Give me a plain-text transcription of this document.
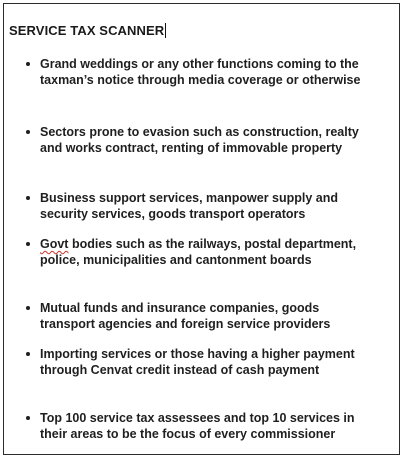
SERVICE TAX SCANNER
Grand weddings or any other functions coming to the taxman’s notice through media coverage or otherwise
Sectors prone to evasion such as construction, realty and works contract, renting of immovable property
Business support services, manpower supply and security services, goods transport operators
Govt bodies such as the railways, postal department, police, municipalities and cantonment boards
Mutual funds and insurance companies, goods transport agencies and foreign service providers
Importing services or those having a higher payment through Cenvat credit instead of cash payment
Top 100 service tax assessees and top 10 services in their areas to be the focus of every commissioner
